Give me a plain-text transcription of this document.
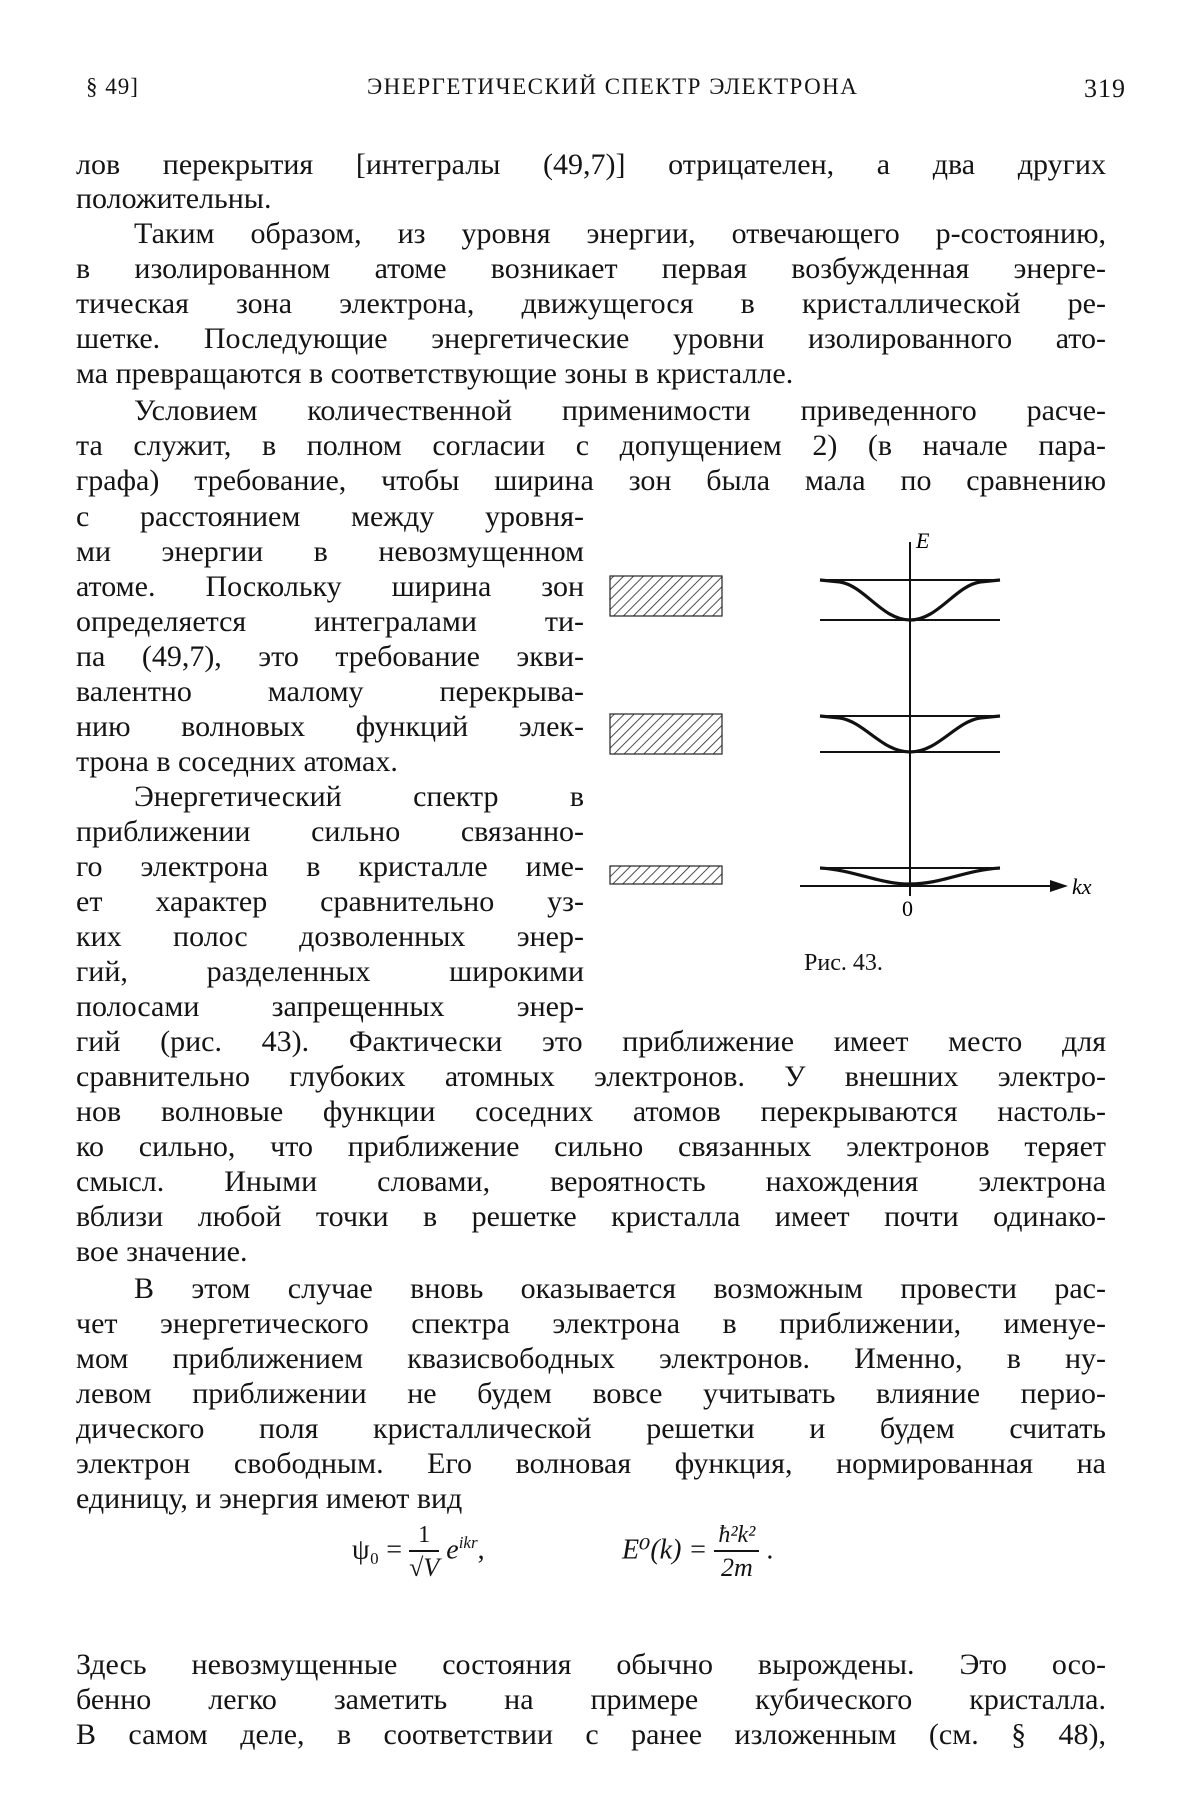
§ 49]	ЭНЕРГЕТИЧЕСКИЙ СПЕКТР ЭЛЕКТРОНА	319
лов перекрытия [интегралы (49,7)] отрицателен, а два других
положительны.
Таким образом, из уровня энергии, отвечающего p-состоянию,
в изолированном атоме возникает первая возбужденная энерге-
тическая зона электрона, движущегося в кристаллической ре-
шетке. Последующие энергетические уровни изолированного ато-
ма превращаются в соответствующие зоны в кристалле.
Условием количественной применимости приведенного расче-
та служит, в полном согласии с допущением 2) (в начале пара-
графа) требование, чтобы ширина зон была мала по сравнению
с расстоянием между уровня-
ми энергии в невозмущенном
атоме. Поскольку ширина зон
определяется интегралами ти-
па (49,7), это требование экви-
валентно малому перекрыва-
нию волновых функций элек-
трона в соседних атомах.
Энергетический спектр в
приближении сильно связанно-
го электрона в кристалле име-
ет характер сравнительно уз-
ких полос дозволенных энер-
гий, разделенных широкими
полосами запрещенных энер-
гий (рис. 43). Фактически это приближение имеет место для
сравнительно глубоких атомных электронов. У внешних электро-
нов волновые функции соседних атомов перекрываются настоль-
ко сильно, что приближение сильно связанных электронов теряет
смысл. Иными словами, вероятность нахождения электрона
вблизи любой точки в решетке кристалла имеет почти одинако-
вое значение.
В этом случае вновь оказывается возможным провести рас-
чет энергетического спектра электрона в приближении, именуе-
мом приближением квазисвободных электронов. Именно, в ну-
левом приближении не будем вовсе учитывать влияние перио-
дического поля кристаллической решетки и будем считать
электрон свободным. Его волновая функция, нормированная на
единицу, и энергия имеют вид
$\psi_0 = \frac{1}{√V} e^{ikr}$,	$E^0(k) = \frac{\text{ħ²k²}}{2m}$ .
Здесь невозмущенные состояния обычно вырождены. Это осо-
бенно легко заметить на примере кубического кристалла.
В самом деле, в соответствии с ранее изложенным (см. § 48),
E
kx
0
Рис. 43.
